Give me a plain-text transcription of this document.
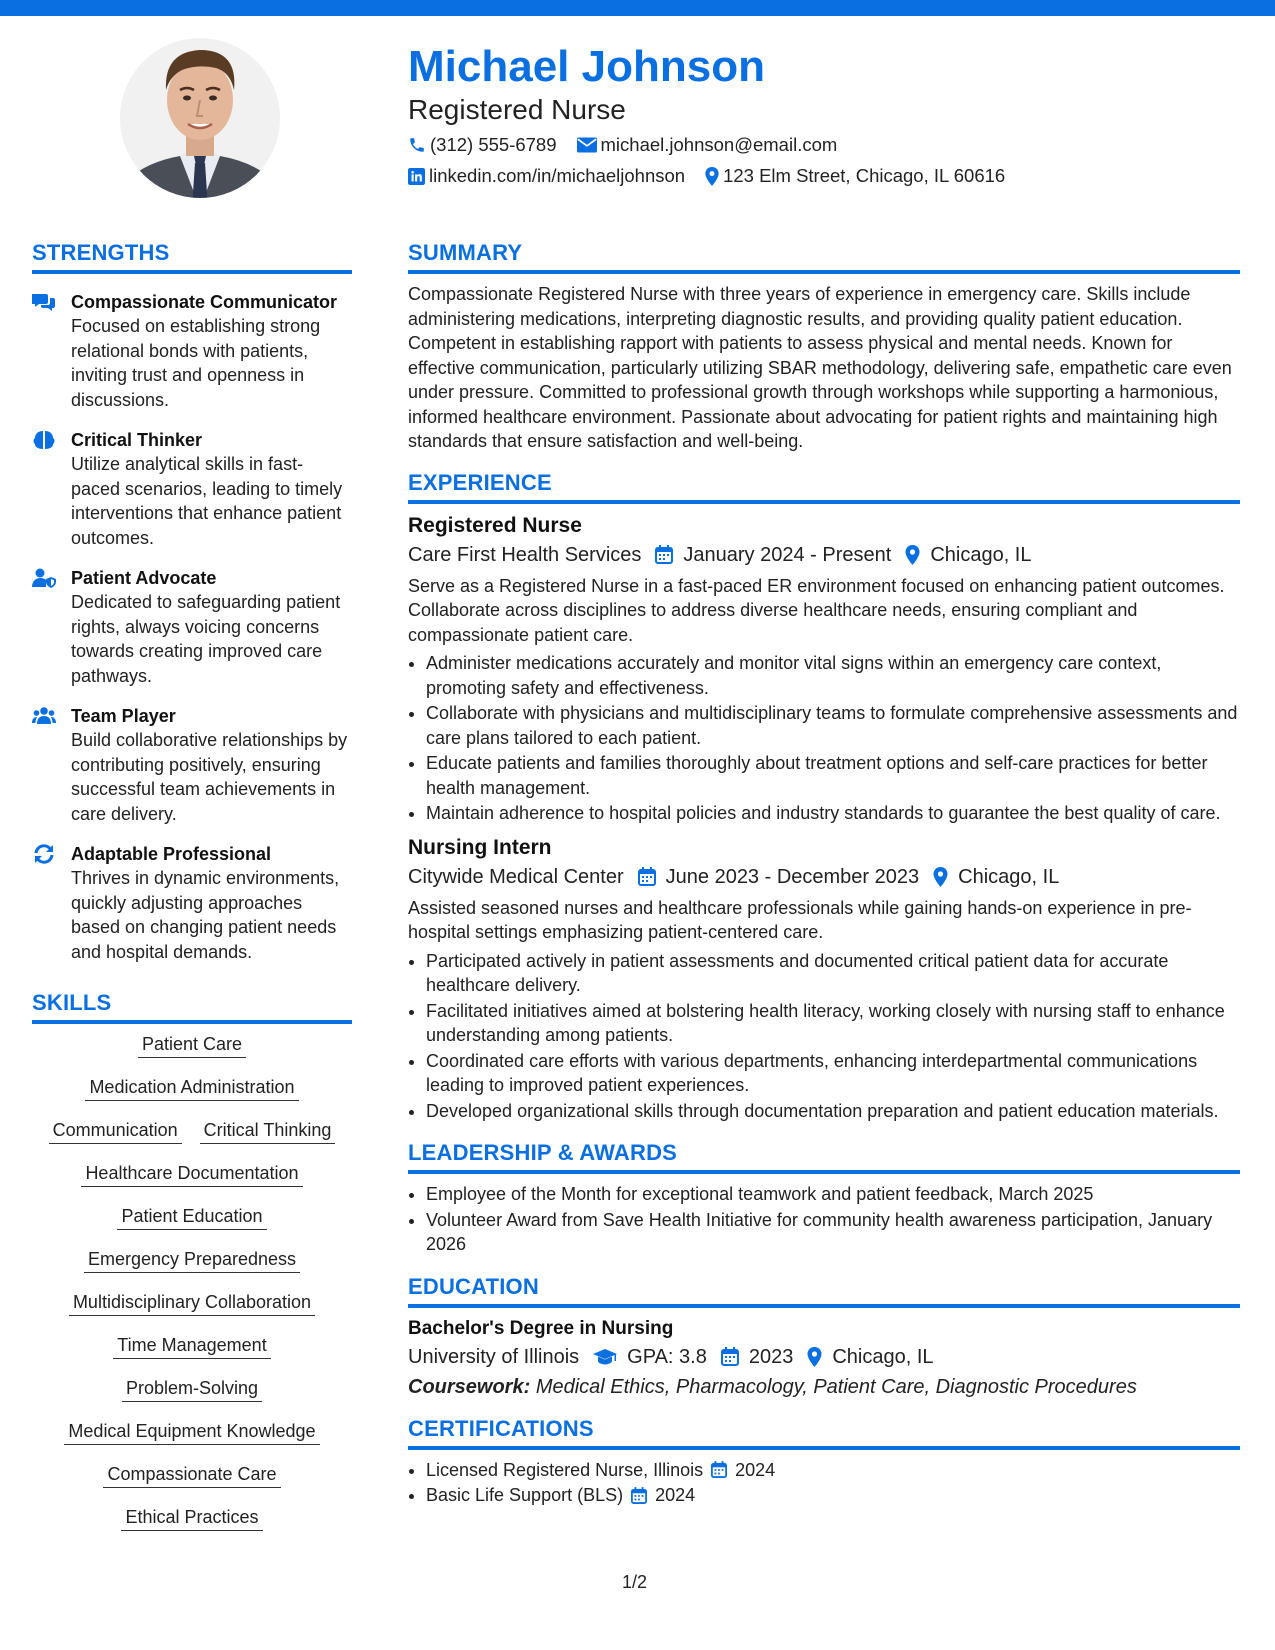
Michael Johnson
Registered Nurse
(312) 555-6789 michael.johnson@email.com
linkedin.com/in/michaeljohnson 123 Elm Street, Chicago, IL 60616
STRENGTHS
Compassionate Communicator
Focused on establishing strong relational bonds with patients, inviting trust and openness in discussions.
Critical Thinker
Utilize analytical skills in fast-paced scenarios, leading to timely interventions that enhance patient outcomes.
Patient Advocate
Dedicated to safeguarding patient rights, always voicing concerns towards creating improved care pathways.
Team Player
Build collaborative relationships by contributing positively, ensuring successful team achievements in care delivery.
Adaptable Professional
Thrives in dynamic environments, quickly adjusting approaches based on changing patient needs and hospital demands.
SKILLS
Patient Care
Medication Administration
Communication Critical Thinking
Healthcare Documentation
Patient Education
Emergency Preparedness
Multidisciplinary Collaboration
Time Management
Problem-Solving
Medical Equipment Knowledge
Compassionate Care
Ethical Practices
SUMMARY

Compassionate Registered Nurse with three years of experience in emergency care. Skills include administering medications, interpreting diagnostic results, and providing quality patient education. Competent in establishing rapport with patients to assess physical and mental needs. Known for effective communication, particularly utilizing SBAR methodology, delivering safe, empathetic care even under pressure. Committed to professional growth through workshops while supporting a harmonious, informed healthcare environment. Passionate about advocating for patient rights and maintaining high standards that ensure satisfaction and well-being.

EXPERIENCE
Registered Nurse
Care First Health Services January 2024 - Present Chicago, IL

Serve as a Registered Nurse in a fast-paced ER environment focused on enhancing patient outcomes. Collaborate across disciplines to address diverse healthcare needs, ensuring compliant and compassionate patient care.

• Administer medications accurately and monitor vital signs within an emergency care context, promoting safety and effectiveness.
• Collaborate with physicians and multidisciplinary teams to formulate comprehensive assessments and care plans tailored to each patient.
• Educate patients and families thoroughly about treatment options and self-care practices for better health management.
• Maintain adherence to hospital policies and industry standards to guarantee the best quality of care.
Nursing Intern
Citywide Medical Center June 2023 - December 2023 Chicago, IL

Assisted seasoned nurses and healthcare professionals while gaining hands-on experience in pre-hospital settings emphasizing patient-centered care.

• Participated actively in patient assessments and documented critical patient data for accurate healthcare delivery.
• Facilitated initiatives aimed at bolstering health literacy, working closely with nursing staff to enhance understanding among patients.
• Coordinated care efforts with various departments, enhancing interdepartmental communications leading to improved patient experiences.
• Developed organizational skills through documentation preparation and patient education materials.
LEADERSHIP & AWARDS
• Employee of the Month for exceptional teamwork and patient feedback, March 2025
• Volunteer Award from Save Health Initiative for community health awareness participation, January 2026
EDUCATION
Bachelor's Degree in Nursing
University of Illinois GPA: 3.8 2023 Chicago, IL
Coursework: Medical Ethics, Pharmacology, Patient Care, Diagnostic Procedures
CERTIFICATIONS
• Licensed Registered Nurse, Illinois 2024
• Basic Life Support (BLS) 2024
1/2
